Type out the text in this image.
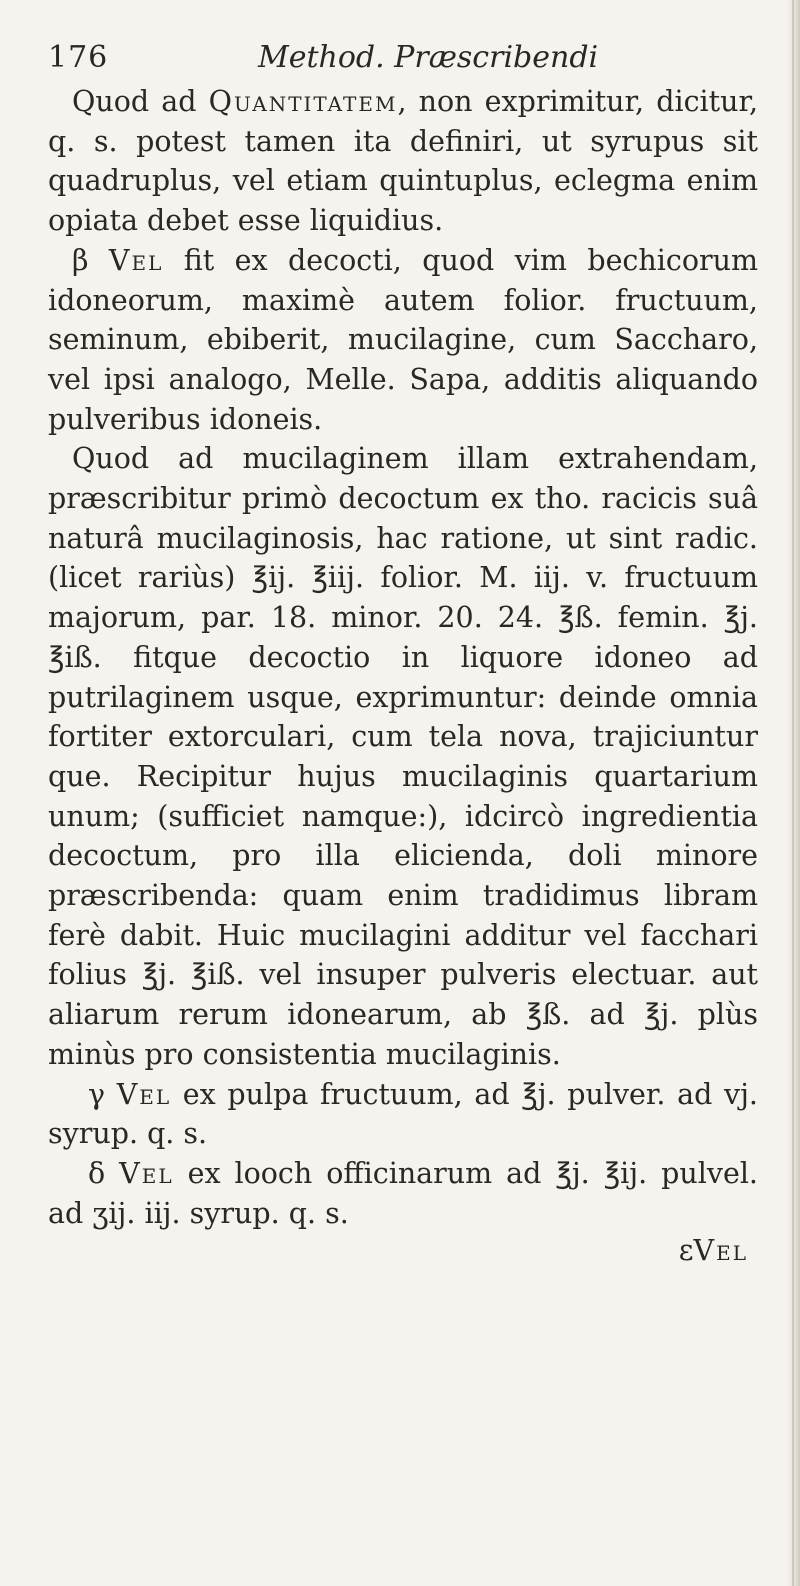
176	Method. Præscribendi

Quod ad Quantitatem, non exprimitur, dicitur, q. s. potest tamen ita definiri, ut syrupus sit quadruplus, vel etiam quintuplus, eclegma enim opiata debet esse liquidius.

β Vel fit ex decocti, quod vim bechicorum idoneorum, maximè autem folior. fructuum, seminum, ebiberit, mucilagine, cum Saccharo, vel ipsi analogo, Melle. Sapa, additis aliquando pulveribus idoneis.

Quod ad mucilaginem illam extrahendam, præscribitur primò decoctum ex tho. racicis suâ naturâ mucilaginosis, hac ratione, ut sint radic. (licet rariùs) ℥ij. ℥iij. folior. M. iij. v. fructuum majorum, par. 18. minor. 20. 24. ℥ß. femin. ℥j. ℥iß. fitque decoctio in liquore idoneo ad putrilaginem usque, exprimuntur: deinde omnia fortiter extorculari, cum tela nova, trajiciuntur que. Recipitur hujus mucilaginis quartarium unum; (sufficiet namque:), idcircò ingredientia decoctum, pro illa elicienda, doli minore præscribenda: quam enim tradidimus libram ferè dabit. Huic mucilagini additur vel facchari folius ℥j. ℥iß. vel insuper pulveris electuar. aut aliarum rerum idonearum, ab ℥ß. ad ℥j. plùs minùs pro consistentia mucilaginis.

γ Vel ex pulpa fructuum, ad ℥j. pulver. ad vj. syrup. q. s.

δ Vel ex looch officinarum ad ℥j. ℥ij. pulvel. ad ʒij. iij. syrup. q. s.

εVel
